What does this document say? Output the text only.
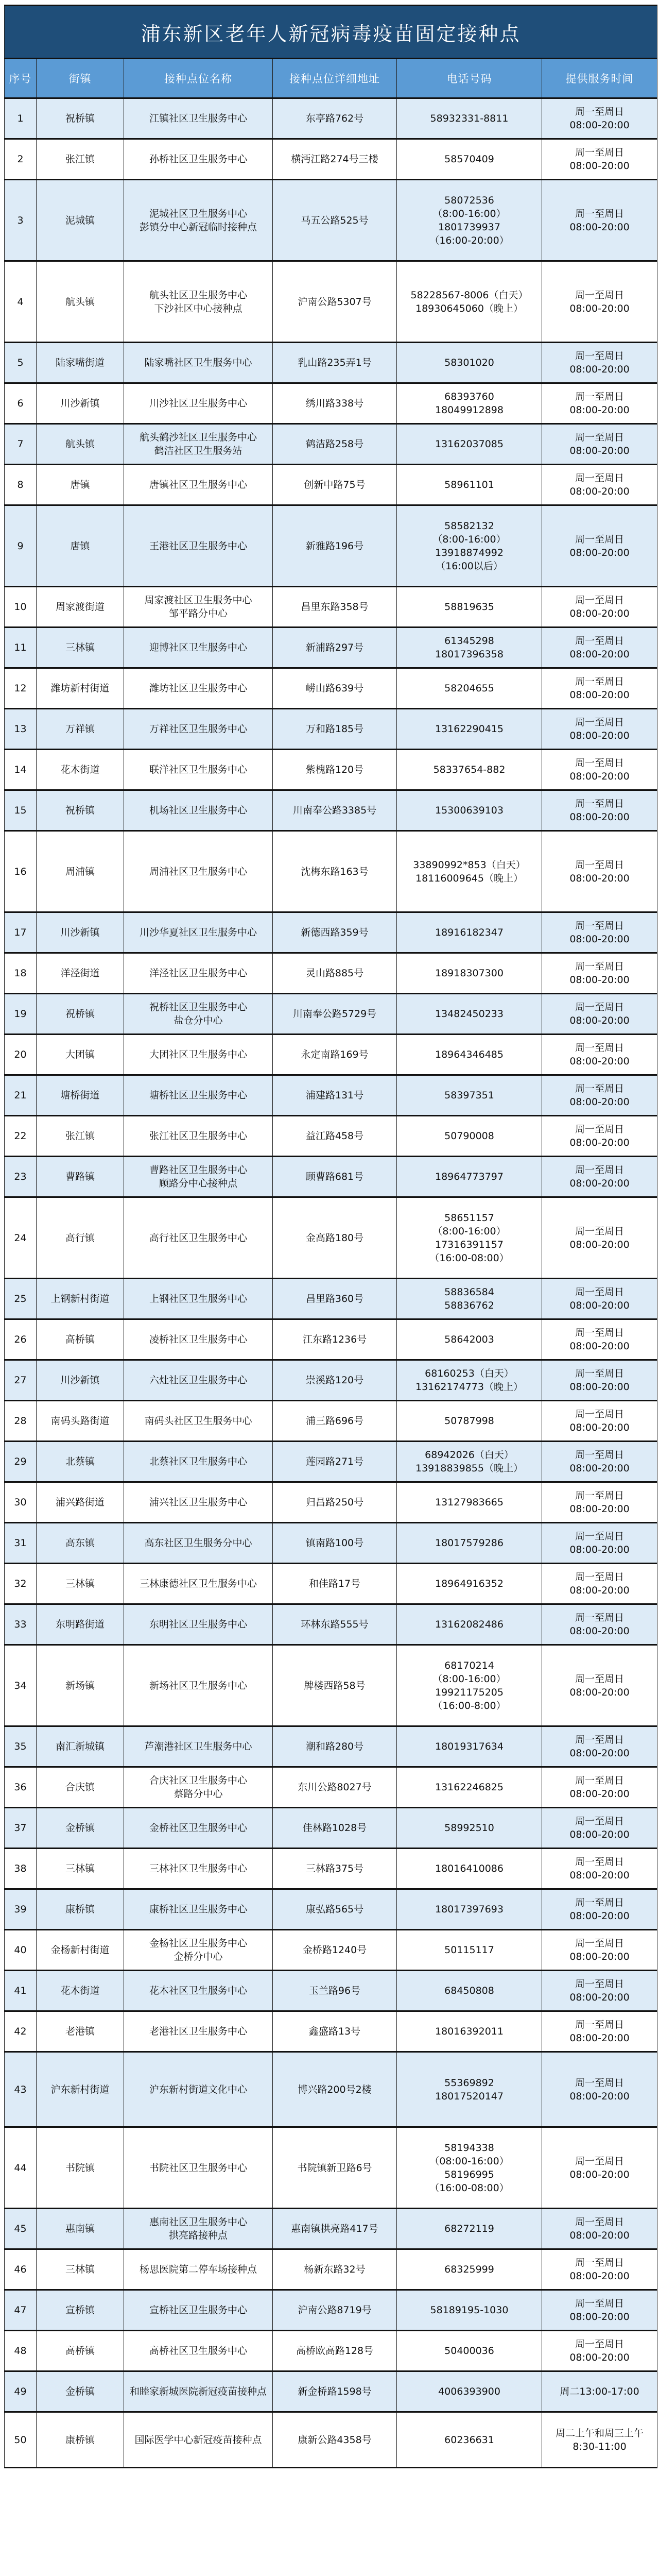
浦东新区老年人新冠病毒疫苗固定接种点					
序号	街镇	接种点位名称	接种点位详细地址	电话号码	提供服务时间
1	祝桥镇	江镇社区卫生服务中心	东亭路762号	58932331-8811	周一至周日
08:00-20:00

2	张江镇	孙桥社区卫生服务中心	横沔江路274号三楼	58570409	周一至周日
08:00-20:00

3	泥城镇	泥城社区卫生服务中心
彭镇分中心新冠临时接种点	马五公路525号	58072536
（8:00-16:00）
1801739937
（16:00-20:00）	周一至周日
08:00-20:00

4	航头镇	航头社区卫生服务中心
下沙社区中心接种点	沪南公路5307号	58228567-8006（白天）
18930645060（晚上）	周一至周日
08:00-20:00

5	陆家嘴街道	陆家嘴社区卫生服务中心	乳山路235弄1号	58301020	周一至周日
08:00-20:00

6	川沙新镇	川沙社区卫生服务中心	绣川路338号	68393760
18049912898	周一至周日
08:00-20:00

7	航头镇	航头鹤沙社区卫生服务中心
鹤洁社区卫生服务站	鹤洁路258号	13162037085	周一至周日
08:00-20:00

8	唐镇	唐镇社区卫生服务中心	创新中路75号	58961101	周一至周日
08:00-20:00

9	唐镇	王港社区卫生服务中心	新雅路196号	58582132
（8:00-16:00）
13918874992
（16:00以后）	周一至周日
08:00-20:00

10	周家渡街道	周家渡社区卫生服务中心
邹平路分中心	昌里东路358号	58819635	周一至周日
08:00-20:00

11	三林镇	迎博社区卫生服务中心	新浦路297号	61345298
18017396358	周一至周日
08:00-20:00

12	潍坊新村街道	潍坊社区卫生服务中心	崂山路639号	58204655	周一至周日
08:00-20:00

13	万祥镇	万祥社区卫生服务中心	万和路185号	13162290415	周一至周日
08:00-20:00

14	花木街道	联洋社区卫生服务中心	紫槐路120号	58337654-882	周一至周日
08:00-20:00

15	祝桥镇	机场社区卫生服务中心	川南奉公路3385号	15300639103	周一至周日
08:00-20:00

16	周浦镇	周浦社区卫生服务中心	沈梅东路163号	33890992*853（白天）
18116009645（晚上）	周一至周日
08:00-20:00

17	川沙新镇	川沙华夏社区卫生服务中心	新德西路359号	18916182347	周一至周日
08:00-20:00

18	洋泾街道	洋泾社区卫生服务中心	灵山路885号	18918307300	周一至周日
08:00-20:00

19	祝桥镇	祝桥社区卫生服务中心
盐仓分中心	川南奉公路5729号	13482450233	周一至周日
08:00-20:00

20	大团镇	大团社区卫生服务中心	永定南路169号	18964346485	周一至周日
08:00-20:00

21	塘桥街道	塘桥社区卫生服务中心	浦建路131号	58397351	周一至周日
08:00-20:00

22	张江镇	张江社区卫生服务中心	益江路458号	50790008	周一至周日
08:00-20:00

23	曹路镇	曹路社区卫生服务中心
顾路分中心接种点	顾曹路681号	18964773797	周一至周日
08:00-20:00

24	高行镇	高行社区卫生服务中心	金高路180号	58651157
（8:00-16:00）
17316391157
（16:00-08:00）	周一至周日
08:00-20:00

25	上钢新村街道	上钢社区卫生服务中心	昌里路360号	58836584
58836762	周一至周日
08:00-20:00

26	高桥镇	凌桥社区卫生服务中心	江东路1236号	58642003	周一至周日
08:00-20:00

27	川沙新镇	六灶社区卫生服务中心	崇溪路120号	68160253（白天）
13162174773（晚上）	周一至周日
08:00-20:00

28	南码头路街道	南码头社区卫生服务中心	浦三路696号	50787998	周一至周日
08:00-20:00

29	北蔡镇	北蔡社区卫生服务中心	莲园路271号	68942026（白天）
13918839855（晚上）	周一至周日
08:00-20:00

30	浦兴路街道	浦兴社区卫生服务中心	归昌路250号	13127983665	周一至周日
08:00-20:00

31	高东镇	高东社区卫生服务分中心	镇南路100号	18017579286	周一至周日
08:00-20:00

32	三林镇	三林康德社区卫生服务中心	和佳路17号	18964916352	周一至周日
08:00-20:00

33	东明路街道	东明社区卫生服务中心	环林东路555号	13162082486	周一至周日
08:00-20:00

34	新场镇	新场社区卫生服务中心	牌楼西路58号	68170214
（8:00-16:00）
19921175205
（16:00-8:00）	周一至周日
08:00-20:00

35	南汇新城镇	芦潮港社区卫生服务中心	潮和路280号	18019317634	周一至周日
08:00-20:00

36	合庆镇	合庆社区卫生服务中心
蔡路分中心	东川公路8027号	13162246825	周一至周日
08:00-20:00

37	金桥镇	金桥社区卫生服务中心	佳林路1028号	58992510	周一至周日
08:00-20:00

38	三林镇	三林社区卫生服务中心	三林路375号	18016410086	周一至周日
08:00-20:00

39	康桥镇	康桥社区卫生服务中心	康弘路565号	18017397693	周一至周日
08:00-20:00

40	金杨新村街道	金杨社区卫生服务中心
金桥分中心	金桥路1240号	50115117	周一至周日
08:00-20:00

41	花木街道	花木社区卫生服务中心	玉兰路96号	68450808	周一至周日
08:00-20:00

42	老港镇	老港社区卫生服务中心	鑫盛路13号	18016392011	周一至周日
08:00-20:00

43	沪东新村街道	沪东新村街道文化中心	博兴路200号2楼	55369892
18017520147	周一至周日
08:00-20:00

44	书院镇	书院社区卫生服务中心	书院镇新卫路6号	58194338
（08:00-16:00）
58196995
（16:00-08:00）	周一至周日
08:00-20:00

45	惠南镇	惠南社区卫生服务中心
拱亮路接种点	惠南镇拱亮路417号	68272119	周一至周日
08:00-20:00

46	三林镇	杨思医院第二停车场接种点	杨新东路32号	68325999	周一至周日
08:00-20:00

47	宣桥镇	宣桥社区卫生服务中心	沪南公路8719号	58189195-1030	周一至周日
08:00-20:00

48	高桥镇	高桥社区卫生服务中心	高桥欧高路128号	50400036	周一至周日
08:00-20:00

49	金桥镇	和睦家新城医院新冠疫苗接种点	新金桥路1598号	4006393900	周二13:00-17:00

50	康桥镇	国际医学中心新冠疫苗接种点	康新公路4358号	60236631	周二上午和周三上午
8:30-11:00
